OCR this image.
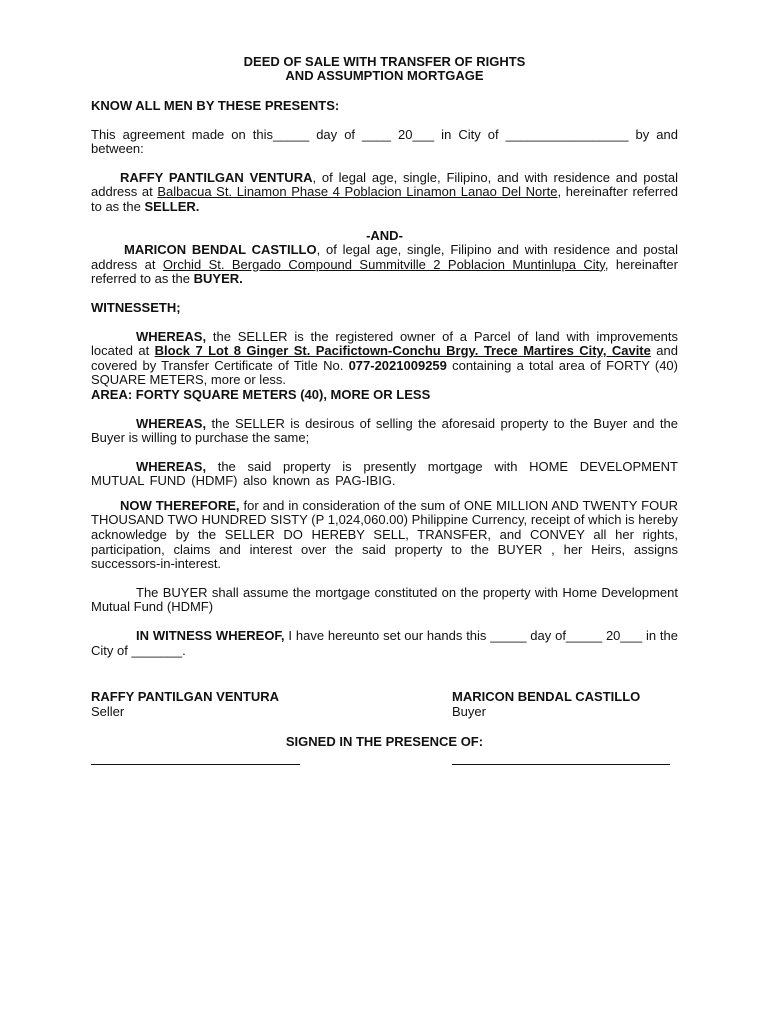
DEED OF SALE WITH TRANSFER OF RIGHTS

AND ASSUMPTION MORTGAGE

KNOW ALL MEN BY THESE PRESENTS:

This agreement made on this_____ day of ____ 20___ in City of _________________ by and between:

RAFFY PANTILGAN VENTURA, of legal age, single, Filipino, and with residence and postal address at Balbacua St. Linamon Phase 4 Poblacion Linamon Lanao Del Norte, hereinafter referred to as the SELLER.

-AND-

MARICON BENDAL CASTILLO, of legal age, single, Filipino and with residence and postal address at Orchid St. Bergado Compound Summitville 2 Poblacion Muntinlupa City, hereinafter referred to as the BUYER.

WITNESSETH;

WHEREAS, the SELLER is the registered owner of a Parcel of land with improvements located at Block 7 Lot 8 Ginger St. Pacifictown-Conchu Brgy. Trece Martires City, Cavite and covered by Transfer Certificate of Title No. 077-2021009259 containing a total area of FORTY (40) SQUARE METERS, more or less.

AREA: FORTY SQUARE METERS (40), MORE OR LESS

WHEREAS, the SELLER is desirous of selling the aforesaid property to the Buyer and the Buyer is willing to purchase the same;

WHEREAS, the said property is presently mortgage with HOME DEVELOPMENT MUTUAL FUND (HDMF) also known as PAG-IBIG.

NOW THEREFORE, for and in consideration of the sum of ONE MILLION AND TWENTY FOUR THOUSAND TWO HUNDRED SISTY (P 1,024,060.00) Philippine Currency, receipt of which is hereby acknowledge by the SELLER DO HEREBY SELL, TRANSFER, and CONVEY all her rights, participation, claims and interest over the said property to the BUYER , her Heirs, assigns successors-in-interest.

The BUYER shall assume the mortgage constituted on the property with Home Development Mutual Fund (HDMF)

IN WITNESS WHEREOF, I have hereunto set our hands this _____ day of_____ 20___ in the City of _______.

RAFFY PANTILGAN VENTURA
Seller
MARICON BENDAL CASTILLO
Buyer
SIGNED IN THE PRESENCE OF:
